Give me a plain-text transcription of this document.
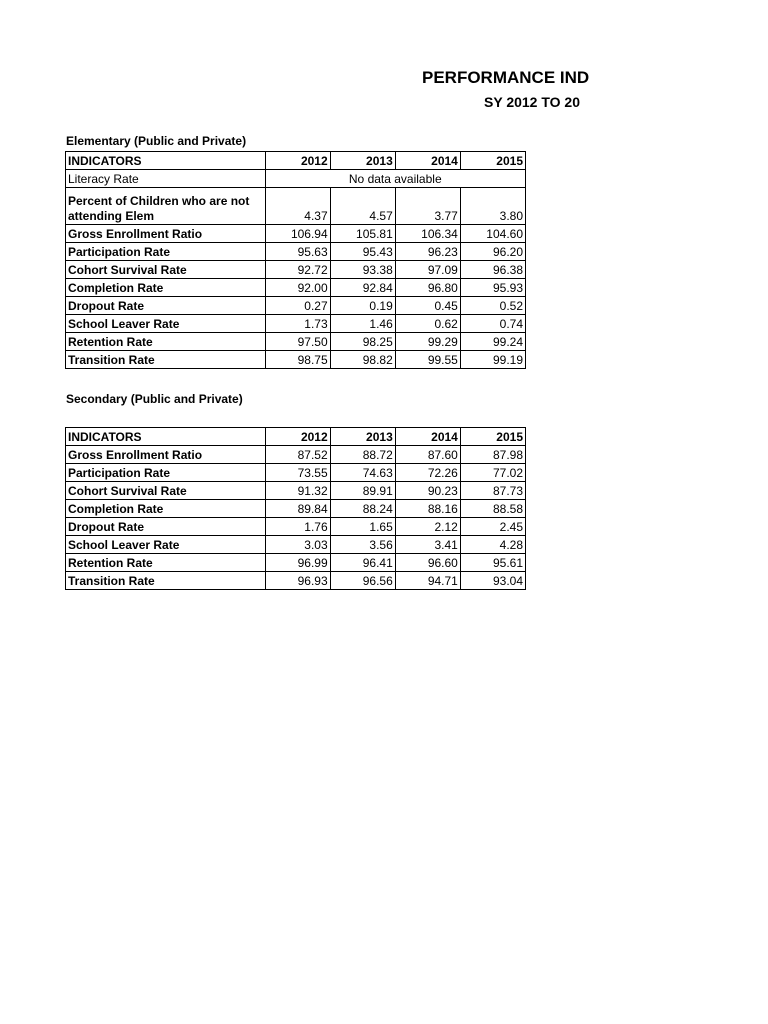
PERFORMANCE IND
SY 2012 TO 20
Elementary (Public and Private)
INDICATORS	2012	2013	2014	2015
Literacy Rate	No data available			
Percent of Children who are not attending Elem	4.37	4.57	3.77	3.80
Gross Enrollment Ratio	106.94	105.81	106.34	104.60
Participation Rate	95.63	95.43	96.23	96.20
Cohort Survival Rate	92.72	93.38	97.09	96.38
Completion Rate	92.00	92.84	96.80	95.93
Dropout Rate	0.27	0.19	0.45	0.52
School Leaver Rate	1.73	1.46	0.62	0.74
Retention Rate	97.50	98.25	99.29	99.24
Transition Rate	98.75	98.82	99.55	99.19
Secondary (Public and Private)
INDICATORS	2012	2013	2014	2015
Gross Enrollment Ratio	87.52	88.72	87.60	87.98
Participation Rate	73.55	74.63	72.26	77.02
Cohort Survival Rate	91.32	89.91	90.23	87.73
Completion Rate	89.84	88.24	88.16	88.58
Dropout Rate	1.76	1.65	2.12	2.45
School Leaver Rate	3.03	3.56	3.41	4.28
Retention Rate	96.99	96.41	96.60	95.61
Transition Rate	96.93	96.56	94.71	93.04
